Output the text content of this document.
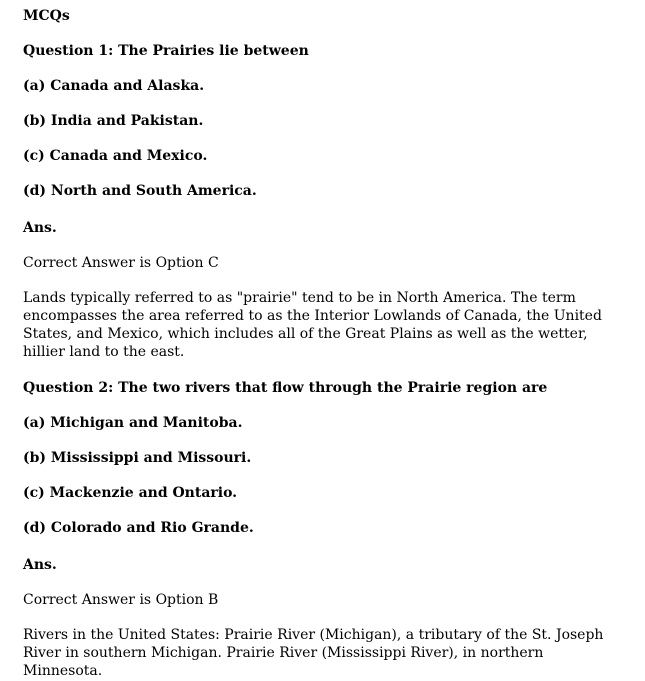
MCQs
Question 1: The Prairies lie between
(a) Canada and Alaska.
(b) India and Pakistan.
(c) Canada and Mexico.
(d) North and South America.
Ans.
Correct Answer is Option C
Lands typically referred to as "prairie" tend to be in North America. The term encompasses the area referred to as the Interior Lowlands of Canada, the United States, and Mexico, which includes all of the Great Plains as well as the wetter, hillier land to the east.
Question 2: The two rivers that flow through the Prairie region are
(a) Michigan and Manitoba.
(b) Mississippi and Missouri.
(c) Mackenzie and Ontario.
(d) Colorado and Rio Grande.
Ans.
Correct Answer is Option B
Rivers in the United States: Prairie River (Michigan), a tributary of the St. Joseph River in southern Michigan. Prairie River (Mississippi River), in northern Minnesota.
